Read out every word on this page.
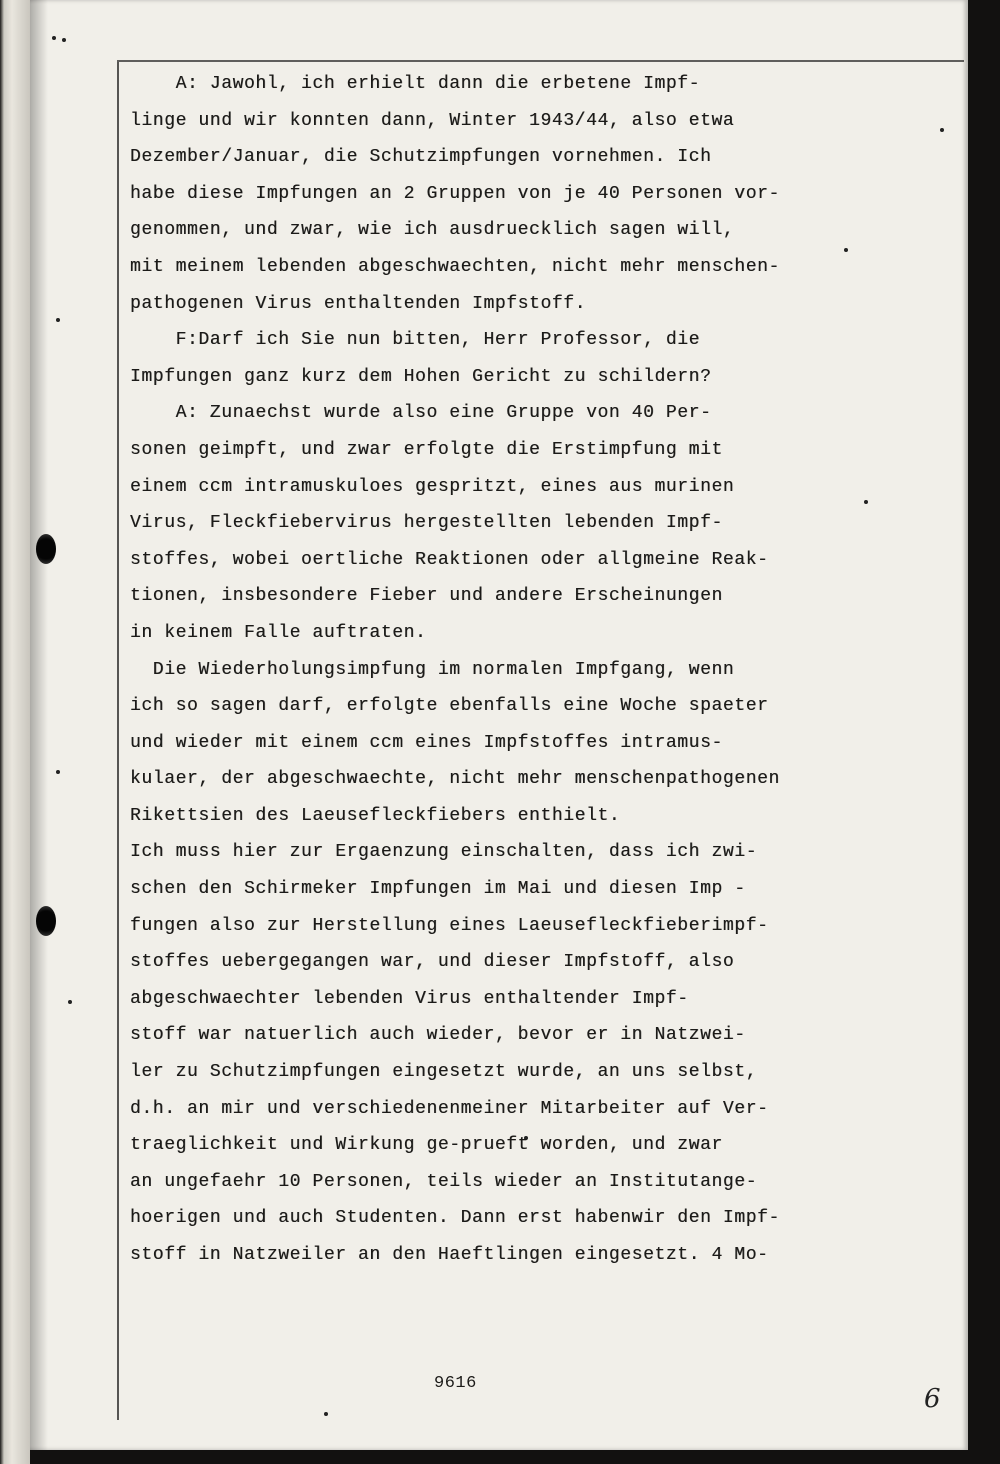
A: Jawohl, ich erhielt dann die erbetene Impf-
linge und wir konnten dann, Winter 1943/44, also etwa
Dezember/Januar, die Schutzimpfungen vornehmen. Ich
habe diese Impfungen an 2 Gruppen von je 40 Personen vor-
genommen, und zwar, wie ich ausdruecklich sagen will,
mit meinem lebenden abgeschwaechten, nicht mehr menschen-
pathogenen Virus enthaltenden Impfstoff.
F:Darf ich Sie nun bitten, Herr Professor, die
Impfungen ganz kurz dem Hohen Gericht zu schildern?
A: Zunaechst wurde also eine Gruppe von 40 Per-
sonen geimpft, und zwar erfolgte die Erstimpfung mit
einem ccm intramuskuloes gespritzt, eines aus murinen
Virus, Fleckfiebervirus hergestellten lebenden Impf-
stoffes, wobei oertliche Reaktionen oder allgmeine Reak-
tionen, insbesondere Fieber und andere Erscheinungen
in keinem Falle auftraten.
Die Wiederholungsimpfung im normalen Impfgang, wenn
ich so sagen darf, erfolgte ebenfalls eine Woche spaeter
und wieder mit einem ccm eines Impfstoffes intramus-
kulaer, der abgeschwaechte, nicht mehr menschenpathogenen
Rikettsien des Laeusefleckfiebers enthielt.
Ich muss hier zur Ergaenzung einschalten, dass ich zwi-
schen den Schirmeker Impfungen im Mai und diesen Imp -
fungen also zur Herstellung eines Laeusefleckfieberimpf-
stoffes uebergegangen war, und dieser Impfstoff, also
abgeschwaechter lebenden Virus enthaltender Impf-
stoff war natuerlich auch wieder, bevor er in Natzwei-
ler zu Schutzimpfungen eingesetzt wurde, an uns selbst,
d.h. an mir und verschiedenenmeiner Mitarbeiter auf Ver-
traeglichkeit und Wirkung ge-prueft worden, und zwar
an ungefaehr 10 Personen, teils wieder an Institutange-
hoerigen und auch Studenten. Dann erst habenwir den Impf-
stoff in Natzweiler an den Haeftlingen eingesetzt. 4 Mo-
9616
6
